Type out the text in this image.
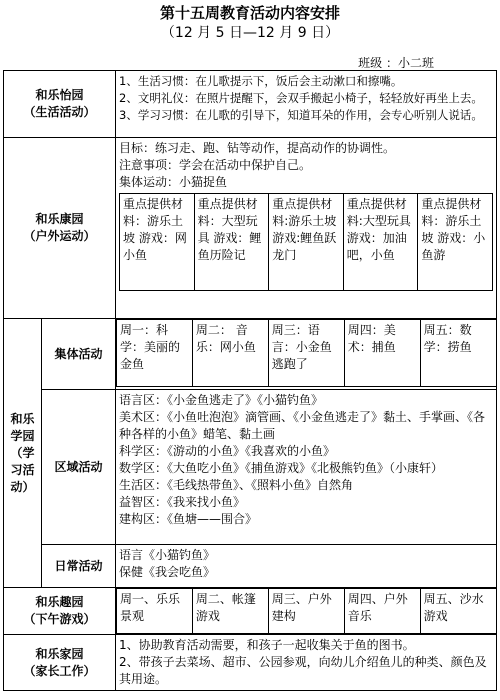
第十五周教育活动内容安排
（12 月 5 日—12 月 9 日）
班级 ：小二班
和乐怡园
（生活活动）

1、生活习惯：在儿歌提示下，饭后会主动漱口和擦嘴。
2、文明礼仪：在照片提醒下，会双手搬起小椅子，轻轻放好再坐上去。
3、学习习惯：在儿歌的引导下，知道耳朵的作用，会专心听别人说话。

和乐康园
（户外运动）

目标：练习走、跑、钻等动作，提高动作的协调性。
注意事项：学会在活动中保护自己。
集体运动：小猫捉鱼
重点提供材料：游乐土坡 游戏：网小鱼	重点提供材料：大型玩具 游戏：鲤鱼历险记	重点提供材料:游乐土坡 游戏:鲤鱼跃龙门	重点提供材料:大型玩具 游戏：加油吧，小鱼	重点提供材料：游乐土坡 游戏：小鱼游

和乐学园（学习活动）
	集体活动	
周一：科学：美丽的金鱼	周二： 音乐：网小鱼	周三：语言：小金鱼逃跑了	周四：美术：捕鱼	周五：数学：捞鱼

区域活动	
语言区：《小金鱼逃走了》《小猫钓鱼》
美术区：《小鱼吐泡泡》滴管画、《小金鱼逃走了》黏土、手掌画、《各种各样的小鱼》蜡笔、黏土画
科学区：《游动的小鱼》《我喜欢的小鱼》
数学区：《大鱼吃小鱼》《捕鱼游戏》《北极熊钓鱼》（小康轩）
生活区：《毛线热带鱼》、《照料小鱼》自然角
益智区：《我来找小鱼》
建构区：《鱼塘——围合》

日常活动	
语言《小猫钓鱼》
保健《我会吃鱼》

和乐趣园
（下午游戏）

周一、乐乐景观	周二、帐篷游戏	周三、户外建构	周四、户外音乐	周五、沙水游戏

和乐家园
（家长工作）

1、协助教育活动需要，和孩子一起收集关于鱼的图书。
2、带孩子去菜场、超市、公园参观，向幼儿介绍鱼儿的种类、颜色及其用途。
